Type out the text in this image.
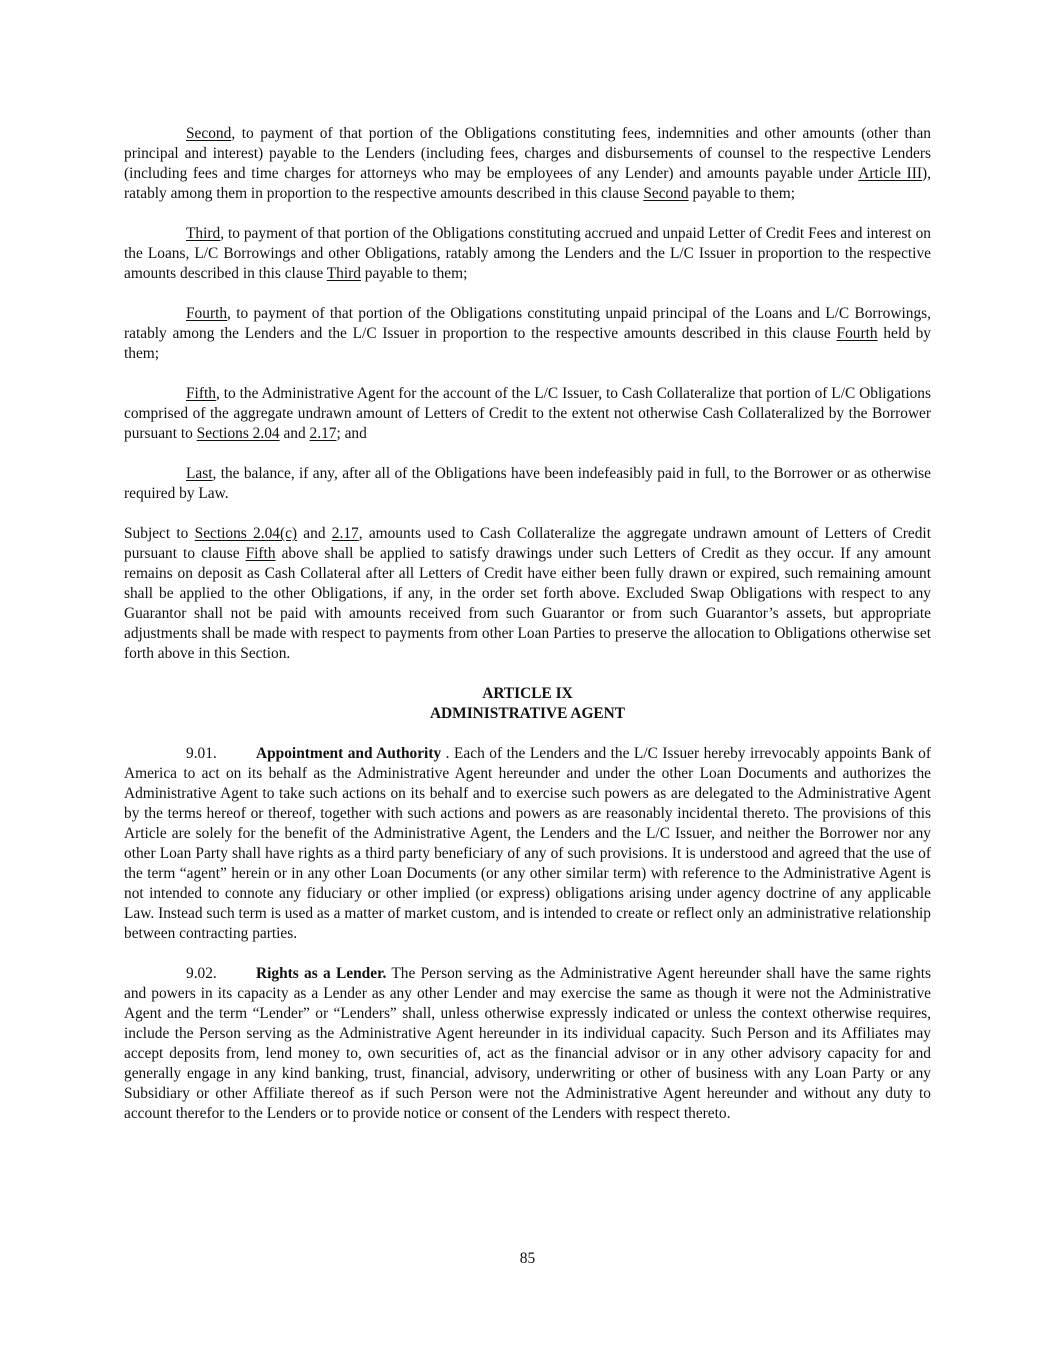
Second, to payment of that portion of the Obligations constituting fees, indemnities and other amounts (other than principal and interest) payable to the Lenders (including fees, charges and disbursements of counsel to the respective Lenders (including fees and time charges for attorneys who may be employees of any Lender) and amounts payable under Article III), ratably among them in proportion to the respective amounts described in this clause Second payable to them;

Third, to payment of that portion of the Obligations constituting accrued and unpaid Letter of Credit Fees and interest on the Loans, L/C Borrowings and other Obligations, ratably among the Lenders and the L/C Issuer in proportion to the respective amounts described in this clause Third payable to them;

Fourth, to payment of that portion of the Obligations constituting unpaid principal of the Loans and L/C Borrowings, ratably among the Lenders and the L/C Issuer in proportion to the respective amounts described in this clause Fourth held by them;

Fifth, to the Administrative Agent for the account of the L/C Issuer, to Cash Collateralize that portion of L/C Obligations comprised of the aggregate undrawn amount of Letters of Credit to the extent not otherwise Cash Collateralized by the Borrower pursuant to Sections 2.04 and 2.17; and

Last, the balance, if any, after all of the Obligations have been indefeasibly paid in full, to the Borrower or as otherwise required by Law.

Subject to Sections 2.04(c) and 2.17, amounts used to Cash Collateralize the aggregate undrawn amount of Letters of Credit pursuant to clause Fifth above shall be applied to satisfy drawings under such Letters of Credit as they occur. If any amount remains on deposit as Cash Collateral after all Letters of Credit have either been fully drawn or expired, such remaining amount shall be applied to the other Obligations, if any, in the order set forth above. Excluded Swap Obligations with respect to any Guarantor shall not be paid with amounts received from such Guarantor or from such Guarantor’s assets, but appropriate adjustments shall be made with respect to payments from other Loan Parties to preserve the allocation to Obligations otherwise set forth above in this Section.

ARTICLE IX
ADMINISTRATIVE AGENT

9.01.	Appointment and Authority . Each of the Lenders and the L/C Issuer hereby irrevocably appoints Bank of America to act on its behalf as the Administrative Agent hereunder and under the other Loan Documents and authorizes the Administrative Agent to take such actions on its behalf and to exercise such powers as are delegated to the Administrative Agent by the terms hereof or thereof, together with such actions and powers as are reasonably incidental thereto. The provisions of this Article are solely for the benefit of the Administrative Agent, the Lenders and the L/C Issuer, and neither the Borrower nor any other Loan Party shall have rights as a third party beneficiary of any of such provisions. It is understood and agreed that the use of the term “agent” herein or in any other Loan Documents (or any other similar term) with reference to the Administrative Agent is not intended to connote any fiduciary or other implied (or express) obligations arising under agency doctrine of any applicable Law. Instead such term is used as a matter of market custom, and is intended to create or reflect only an administrative relationship between contracting parties.

9.02.	Rights as a Lender. The Person serving as the Administrative Agent hereunder shall have the same rights and powers in its capacity as a Lender as any other Lender and may exercise the same as though it were not the Administrative Agent and the term “Lender” or “Lenders” shall, unless otherwise expressly indicated or unless the context otherwise requires, include the Person serving as the Administrative Agent hereunder in its individual capacity. Such Person and its Affiliates may accept deposits from, lend money to, own securities of, act as the financial advisor or in any other advisory capacity for and generally engage in any kind banking, trust, financial, advisory, underwriting or other of business with any Loan Party or any Subsidiary or other Affiliate thereof as if such Person were not the Administrative Agent hereunder and without any duty to account therefor to the Lenders or to provide notice or consent of the Lenders with respect thereto.

85
